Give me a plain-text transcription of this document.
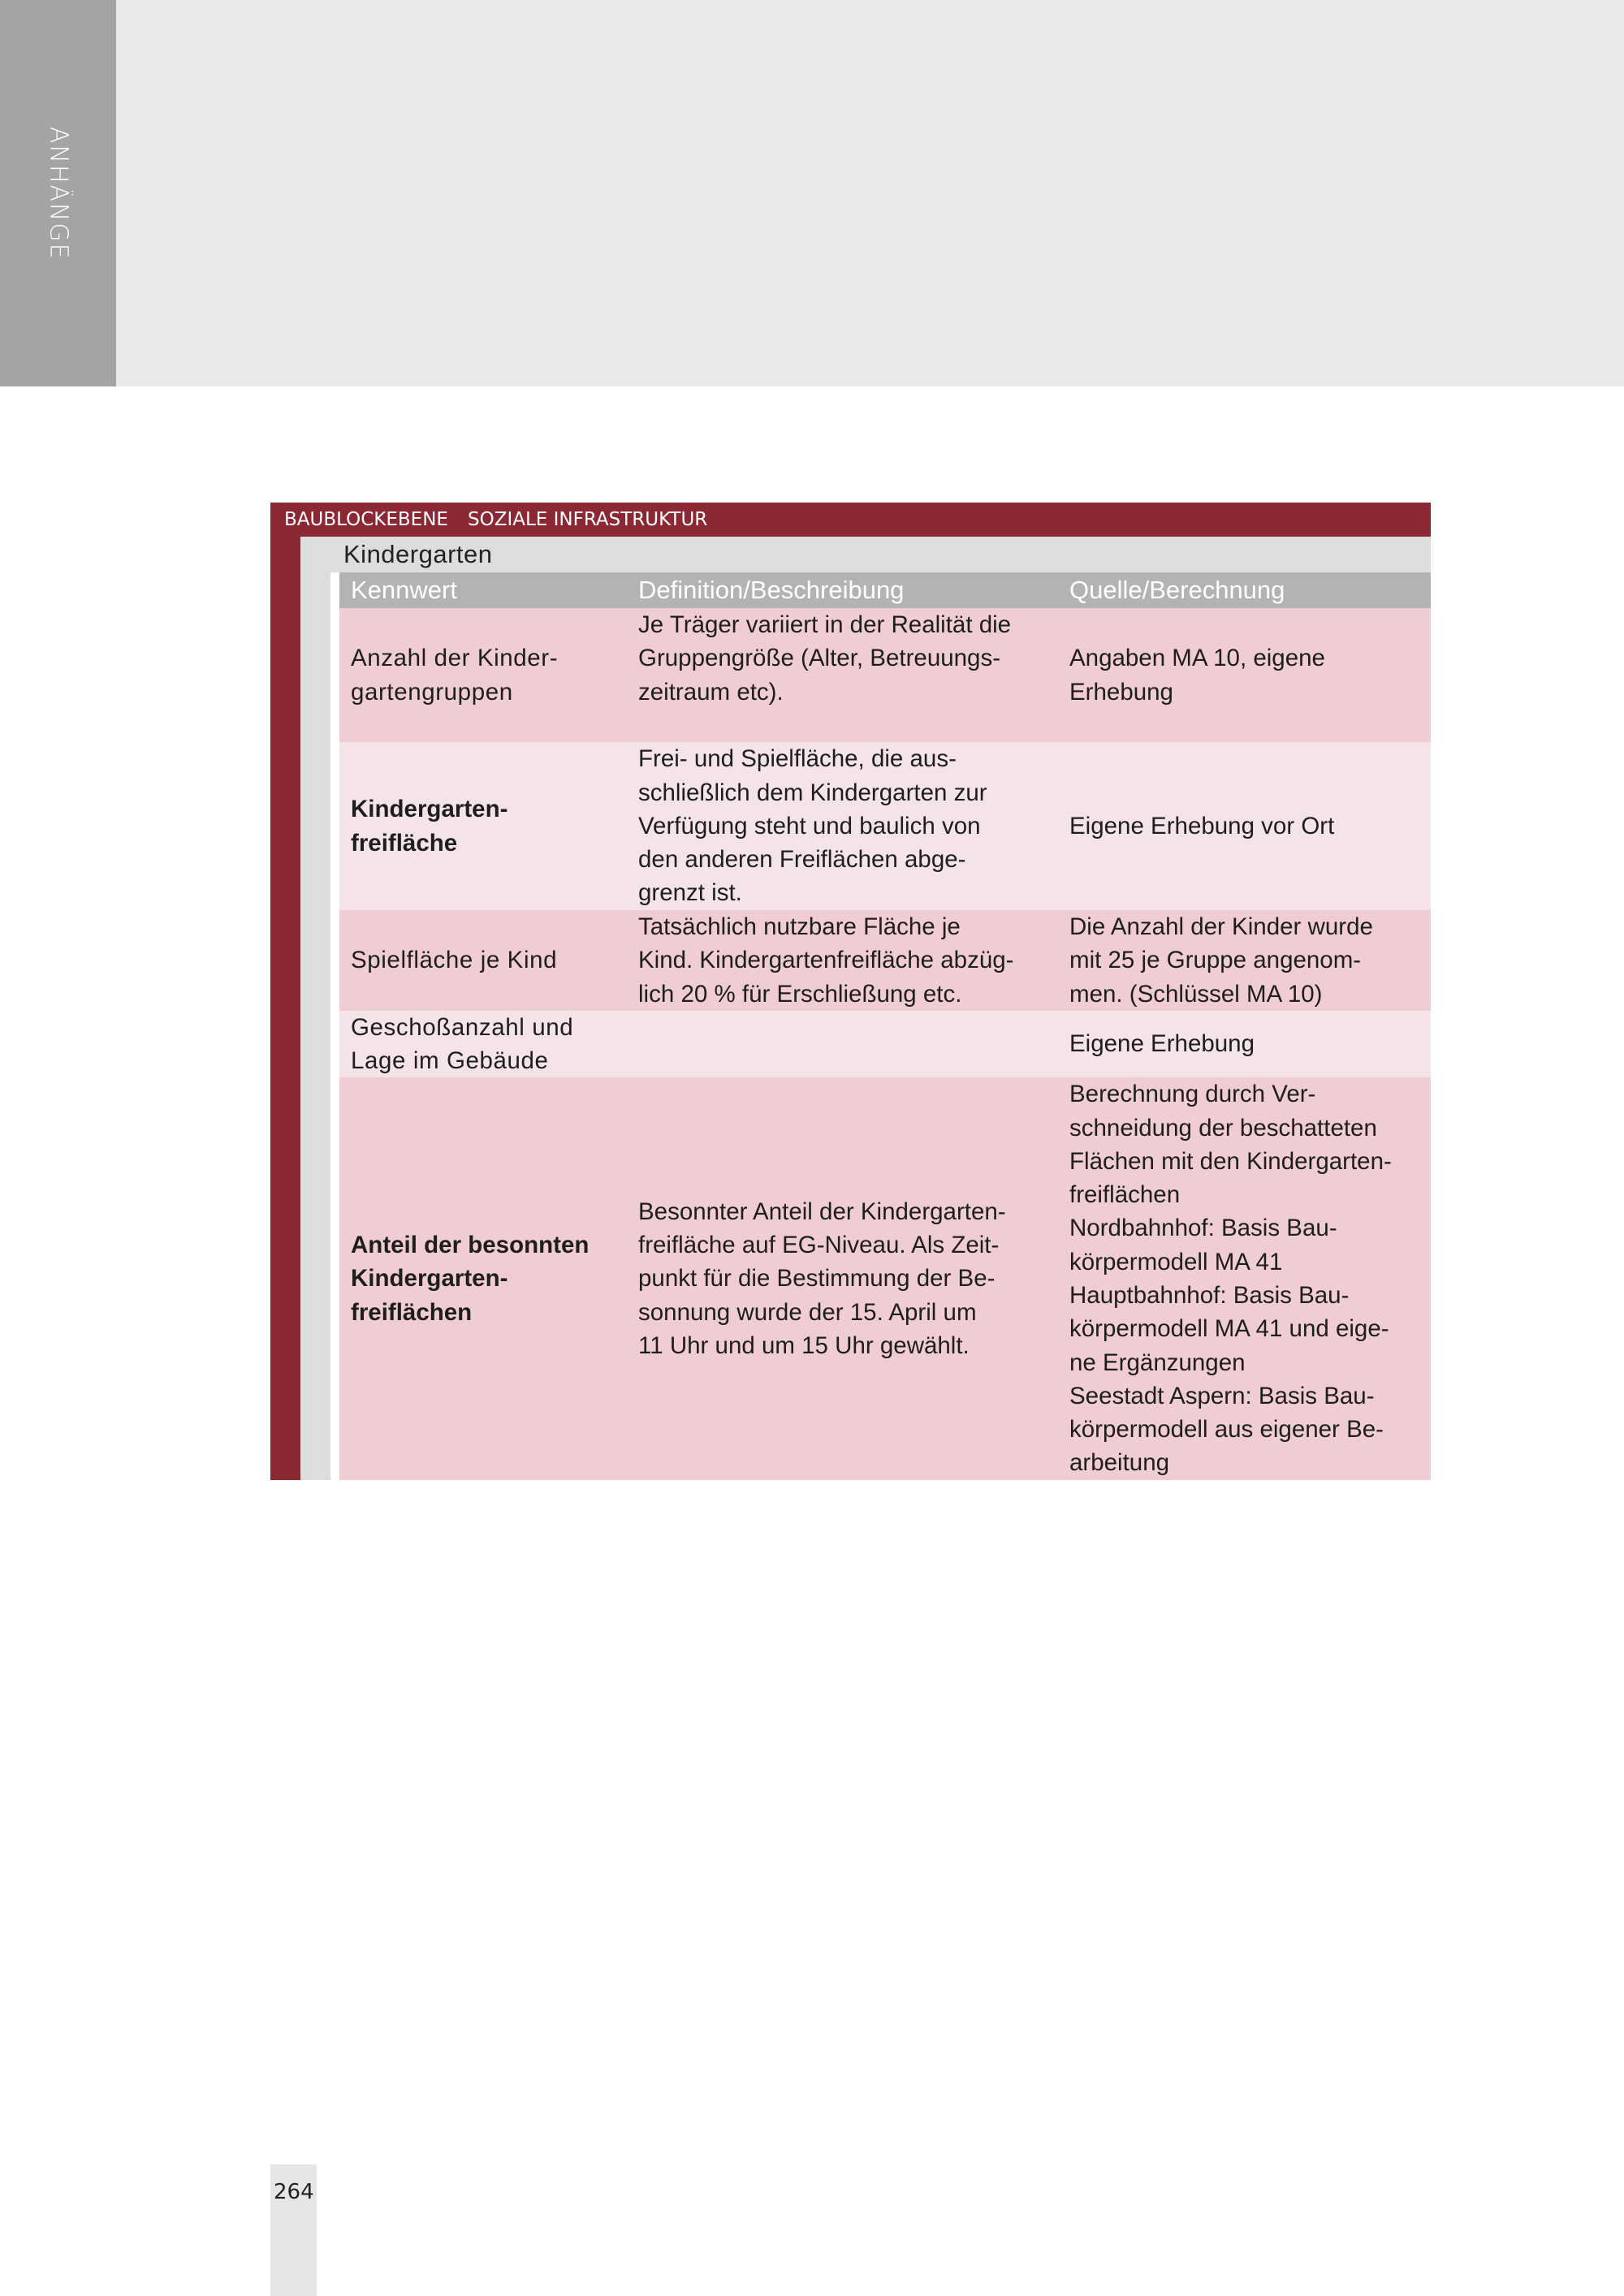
ANHÄNGE
BAUBLOCKEBENE SOZIALE INFRASTRUKTUR
Kindergarten
Kennwert	Definition/Beschreibung	Quelle/Berechnung
Anzahl der Kinder-
gartengruppen
Je Träger variiert in der Realität die
Gruppengröße (Alter, Betreuungs-
zeitraum etc).
Angaben MA 10, eigene
Erhebung
Kindergarten-
freifläche
Frei- und Spielfläche, die aus-
schließlich dem Kindergarten zur
Verfügung steht und baulich von
den anderen Freiflächen abge-
grenzt ist.
Eigene Erhebung vor Ort
Spielfläche je Kind
Tatsächlich nutzbare Fläche je
Kind. Kindergartenfreifläche abzüg-
lich 20 % für Erschließung etc.
Die Anzahl der Kinder wurde
mit 25 je Gruppe angenom-
men. (Schlüssel MA 10)
Geschoßanzahl und
Lage im Gebäude
Eigene Erhebung
Anteil der besonnten
Kindergarten-
freiflächen
Besonnter Anteil der Kindergarten-
freifläche auf EG-Niveau. Als Zeit-
punkt für die Bestimmung der Be-
sonnung wurde der 15. April um
11 Uhr und um 15 Uhr gewählt.
Berechnung durch Ver-
schneidung der beschatteten
Flächen mit den Kindergarten-
freiflächen
Nordbahnhof: Basis Bau-
körpermodell MA 41
Hauptbahnhof: Basis Bau-
körpermodell MA 41 und eige-
ne Ergänzungen
Seestadt Aspern: Basis Bau-
körpermodell aus eigener Be-
arbeitung
264
